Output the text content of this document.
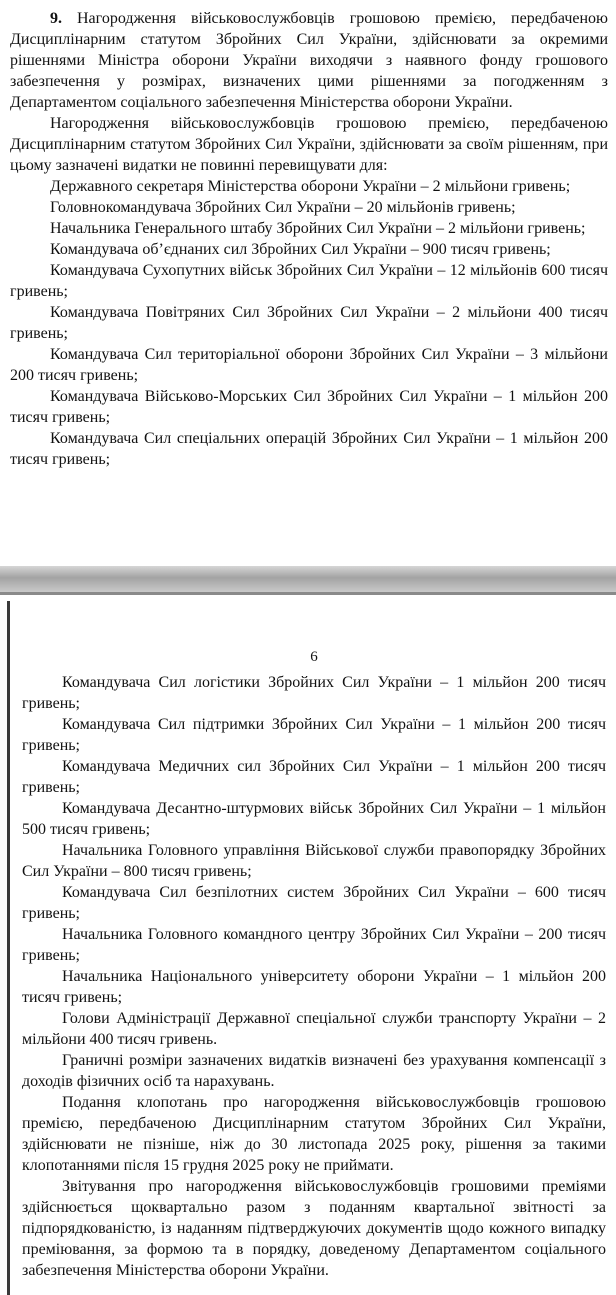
9. Нагородження військовослужбовців грошовою премією, передбаченою Дисциплінарним статутом Збройних Сил України, здійснювати за окремими рішеннями Міністра оборони України виходячи з наявного фонду грошового забезпечення у розмірах, визначених цими рішеннями за погодженням з Департаментом соціального забезпечення Міністерства оборони України.

Нагородження військовослужбовців грошовою премією, передбаченою Дисциплінарним статутом Збройних Сил України, здійснювати за своїм рішенням, при цьому зазначені видатки не повинні перевищувати для:

Державного секретаря Міністерства оборони України – 2 мільйони гривень;

Головнокомандувача Збройних Сил України – 20 мільйонів гривень;

Начальника Генерального штабу Збройних Сил України – 2 мільйони гривень;

Командувача об’єднаних сил Збройних Сил України – 900 тисяч гривень;

Командувача Сухопутних військ Збройних Сил України – 12 мільйонів 600 тисяч гривень;

Командувача Повітряних Сил Збройних Сил України – 2 мільйони 400 тисяч гривень;

Командувача Сил територіальної оборони Збройних Сил України – 3 мільйони 200 тисяч гривень;

Командувача Військово-Морських Сил Збройних Сил України – 1 мільйон 200 тисяч гривень;

Командувача Сил спеціальних операцій Збройних Сил України – 1 мільйон 200 тисяч гривень;

6

Командувача Сил логістики Збройних Сил України – 1 мільйон 200 тисяч гривень;

Командувача Сил підтримки Збройних Сил України – 1 мільйон 200 тисяч гривень;

Командувача Медичних сил Збройних Сил України – 1 мільйон 200 тисяч гривень;

Командувача Десантно-штурмових військ Збройних Сил України – 1 мільйон 500 тисяч гривень;

Начальника Головного управління Військової служби правопорядку Збройних Сил України – 800 тисяч гривень;

Командувача Сил безпілотних систем Збройних Сил України – 600 тисяч гривень;

Начальника Головного командного центру Збройних Сил України – 200 тисяч гривень;

Начальника Національного університету оборони України – 1 мільйон 200 тисяч гривень;

Голови Адміністрації Державної спеціальної служби транспорту України – 2 мільйони 400 тисяч гривень.

Граничні розміри зазначених видатків визначені без урахування компенсації з доходів фізичних осіб та нарахувань.

Подання клопотань про нагородження військовослужбовців грошовою премією, передбаченою Дисциплінарним статутом Збройних Сил України, здійснювати не пізніше, ніж до 30 листопада 2025 року, рішення за такими клопотаннями після 15 грудня 2025 року не приймати.

Звітування про нагородження військовослужбовців грошовими преміями здійснюється щоквартально разом з поданням квартальної звітності за підпорядкованістю, із наданням підтверджуючих документів щодо кожного випадку преміювання, за формою та в порядку, доведеному Департаментом соціального забезпечення Міністерства оборони України.
